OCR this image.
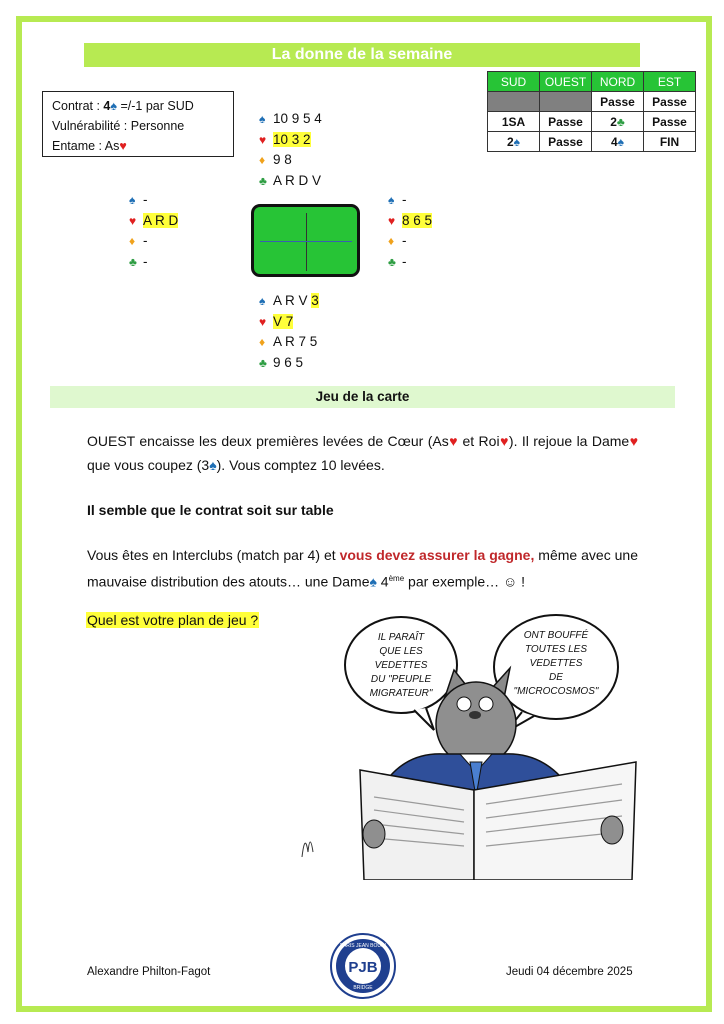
La donne de la semaine
Contrat : 4♠ =/-1 par SUD
Vulnérabilité : Personne
Entame : As♥
♠ 10 9 5 4
♥ 10 3 2
♦ 9 8
♣ A R D V
♠ -
♥ A R D
♦ -
♣ -
♠ -
♥ 8 6 5
♦ -
♣ -
♠ A R V 3
♥ V 7
♦ A R 7 5
♣ 9 6 5
SUD	OUEST	NORD	EST
		Passe	Passe
1SA	Passe	2♣	Passe
2♠	Passe	4♠	FIN
Jeu de la carte
OUEST encaisse les deux premières levées de Cœur (As♥ et Roi♥). Il rejoue la Dame♥ que vous coupez (3♠). Vous comptez 10 levées.
Il semble que le contrat soit sur table
Vous êtes en Interclubs (match par 4) et vous devez assurer la gagne, même avec une mauvaise distribution des atouts… une Dame♠ 4ème par exemple… ☺ !
Quel est votre plan de jeu ?
IL PARAÎT
QUE LES
VEDETTES
DU "PEUPLE
MIGRATEUR"
ONT BOUFFÉ
TOUTES LES
VEDETTES
DE
"MICROCOSMOS"
Alexandre Philton-Fagot	Jeudi 04 décembre 2025
PJB
PARIS JEAN BOUIN
BRIDGE
